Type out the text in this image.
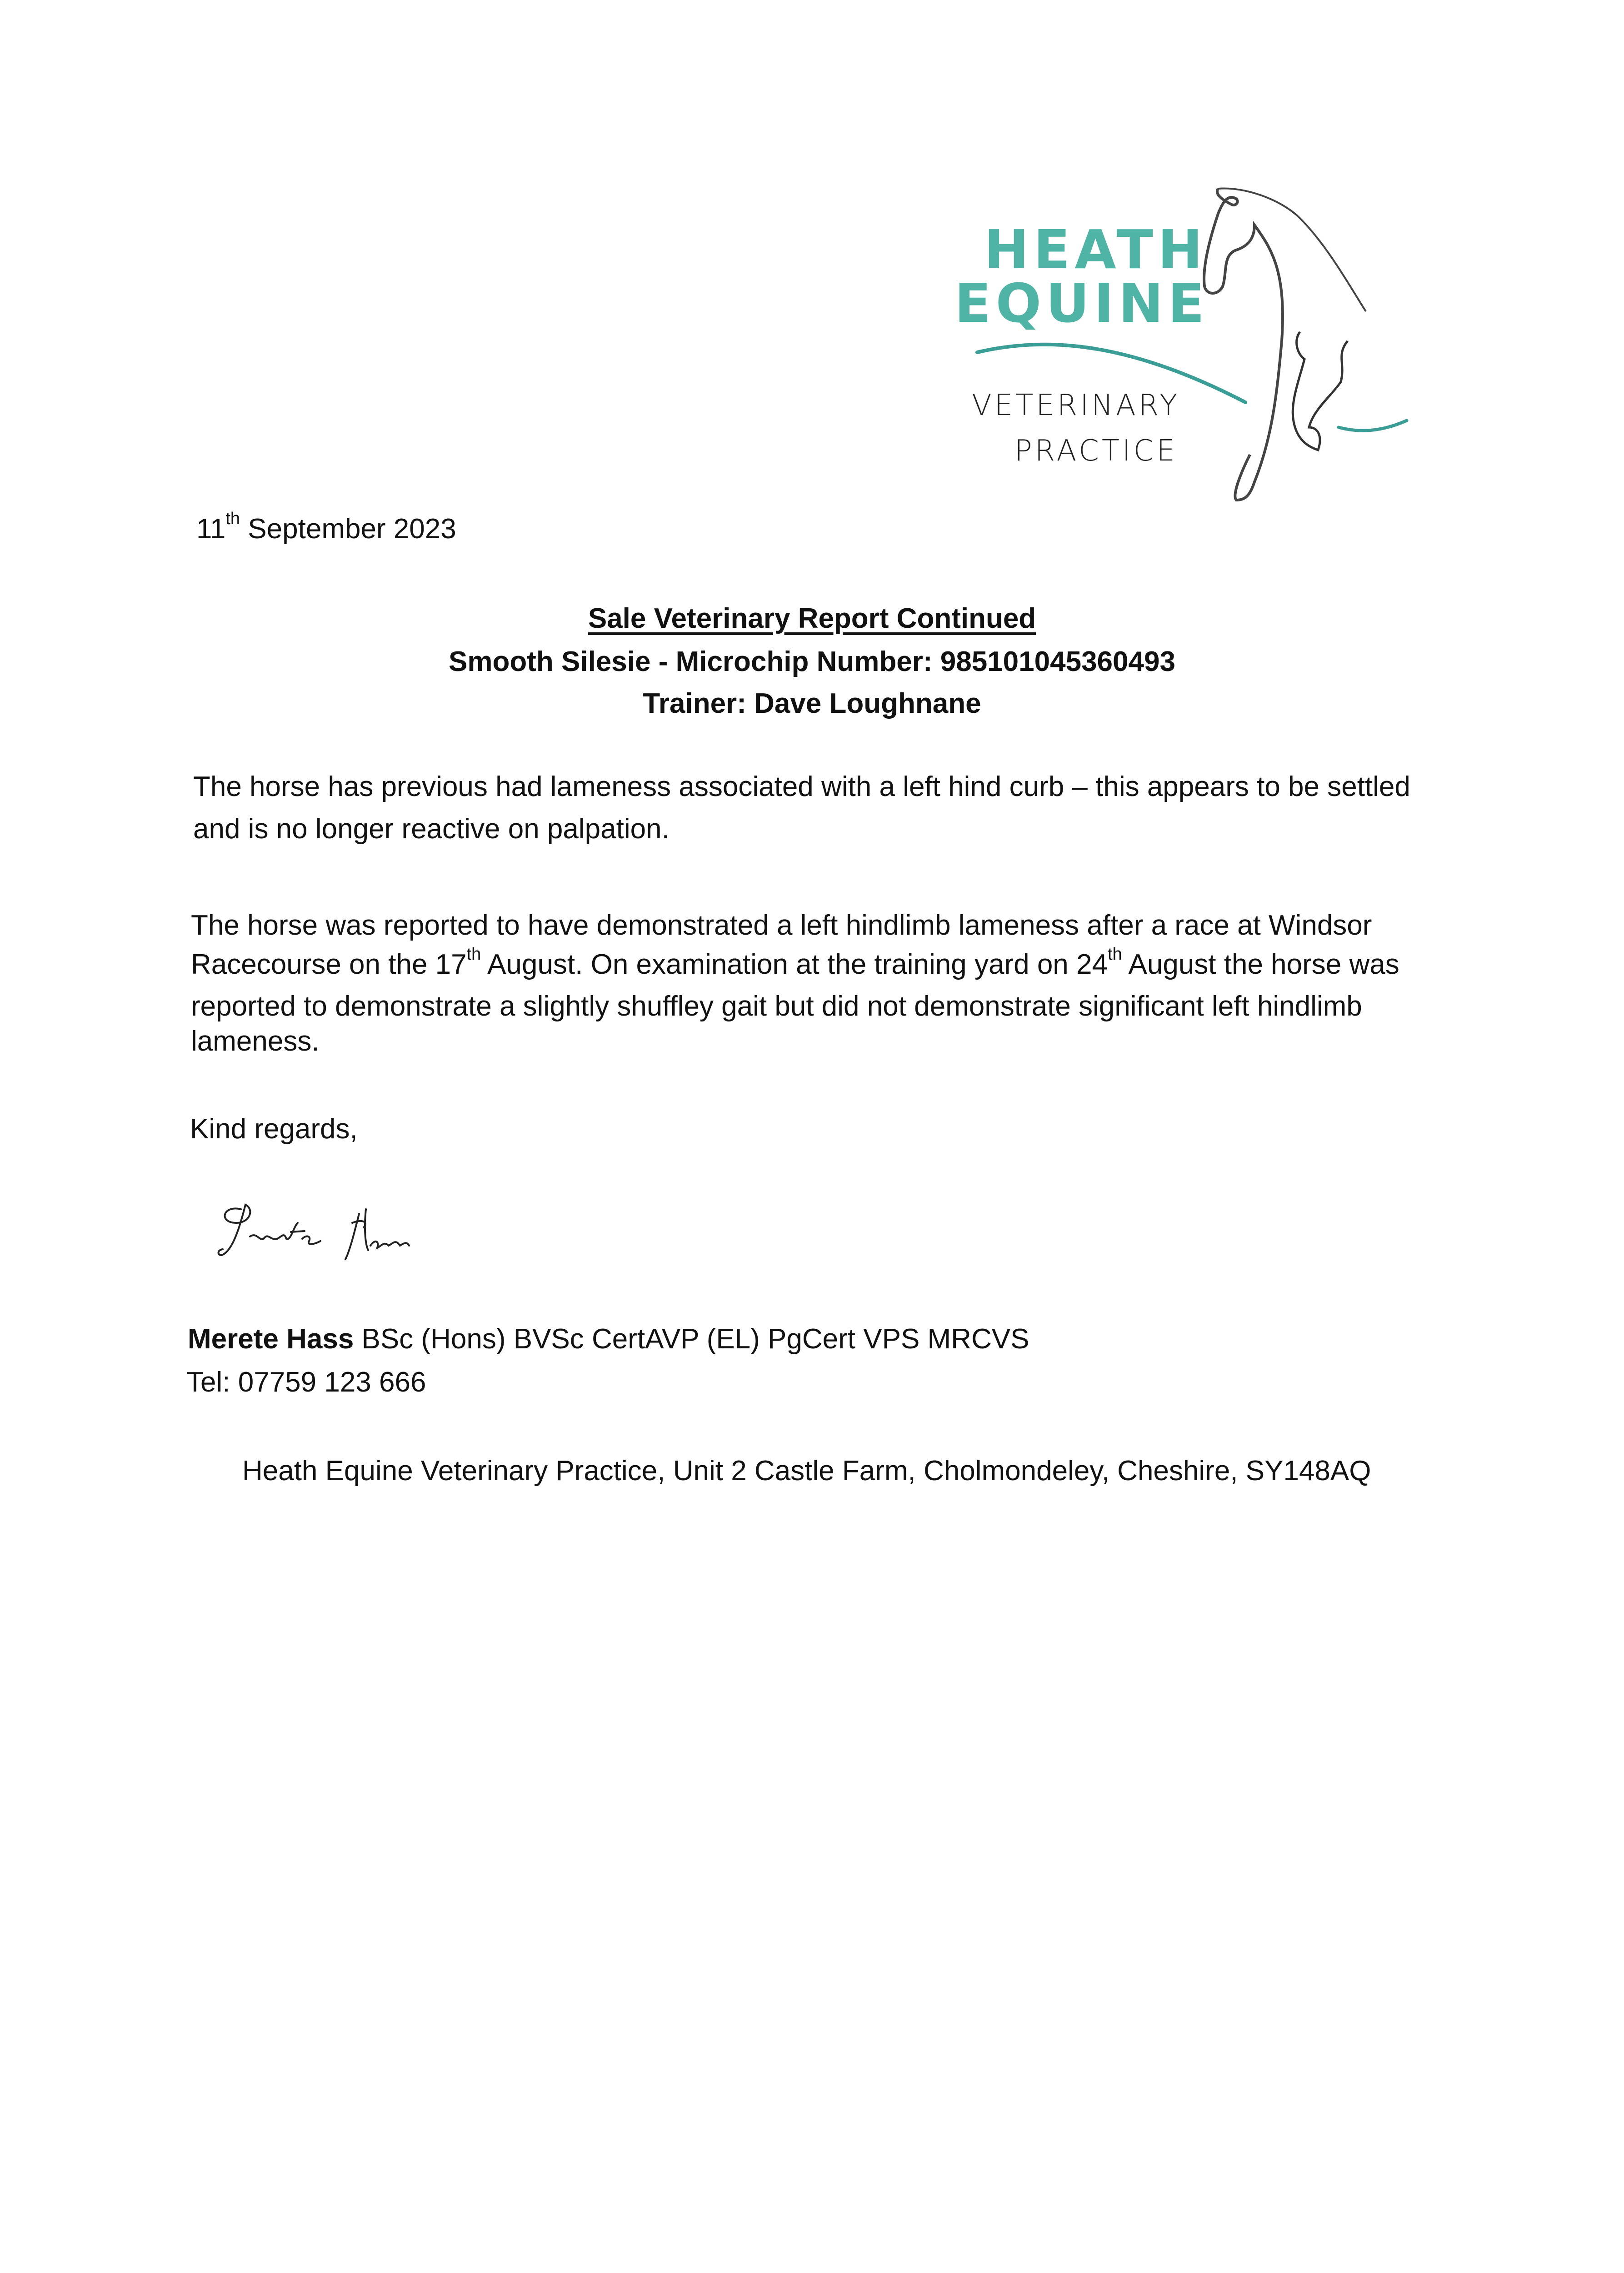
HEATH
EQUINE
VETERINARY
PRACTICE
11th September 2023
Sale Veterinary Report Continued
Smooth Silesie - Microchip Number: 985101045360493
Trainer: Dave Loughnane
The horse has previous had lameness associated with a left hind curb – this appears to be settled
and is no longer reactive on palpation.
The horse was reported to have demonstrated a left hindlimb lameness after a race at Windsor
Racecourse on the 17th August. On examination at the training yard on 24th August the horse was
reported to demonstrate a slightly shuffley gait but did not demonstrate significant left hindlimb
lameness.
Kind regards,
Merete Hass BSc (Hons) BVSc CertAVP (EL) PgCert VPS MRCVS
Tel: 07759 123 666
Heath Equine Veterinary Practice, Unit 2 Castle Farm, Cholmondeley, Cheshire, SY148AQ
